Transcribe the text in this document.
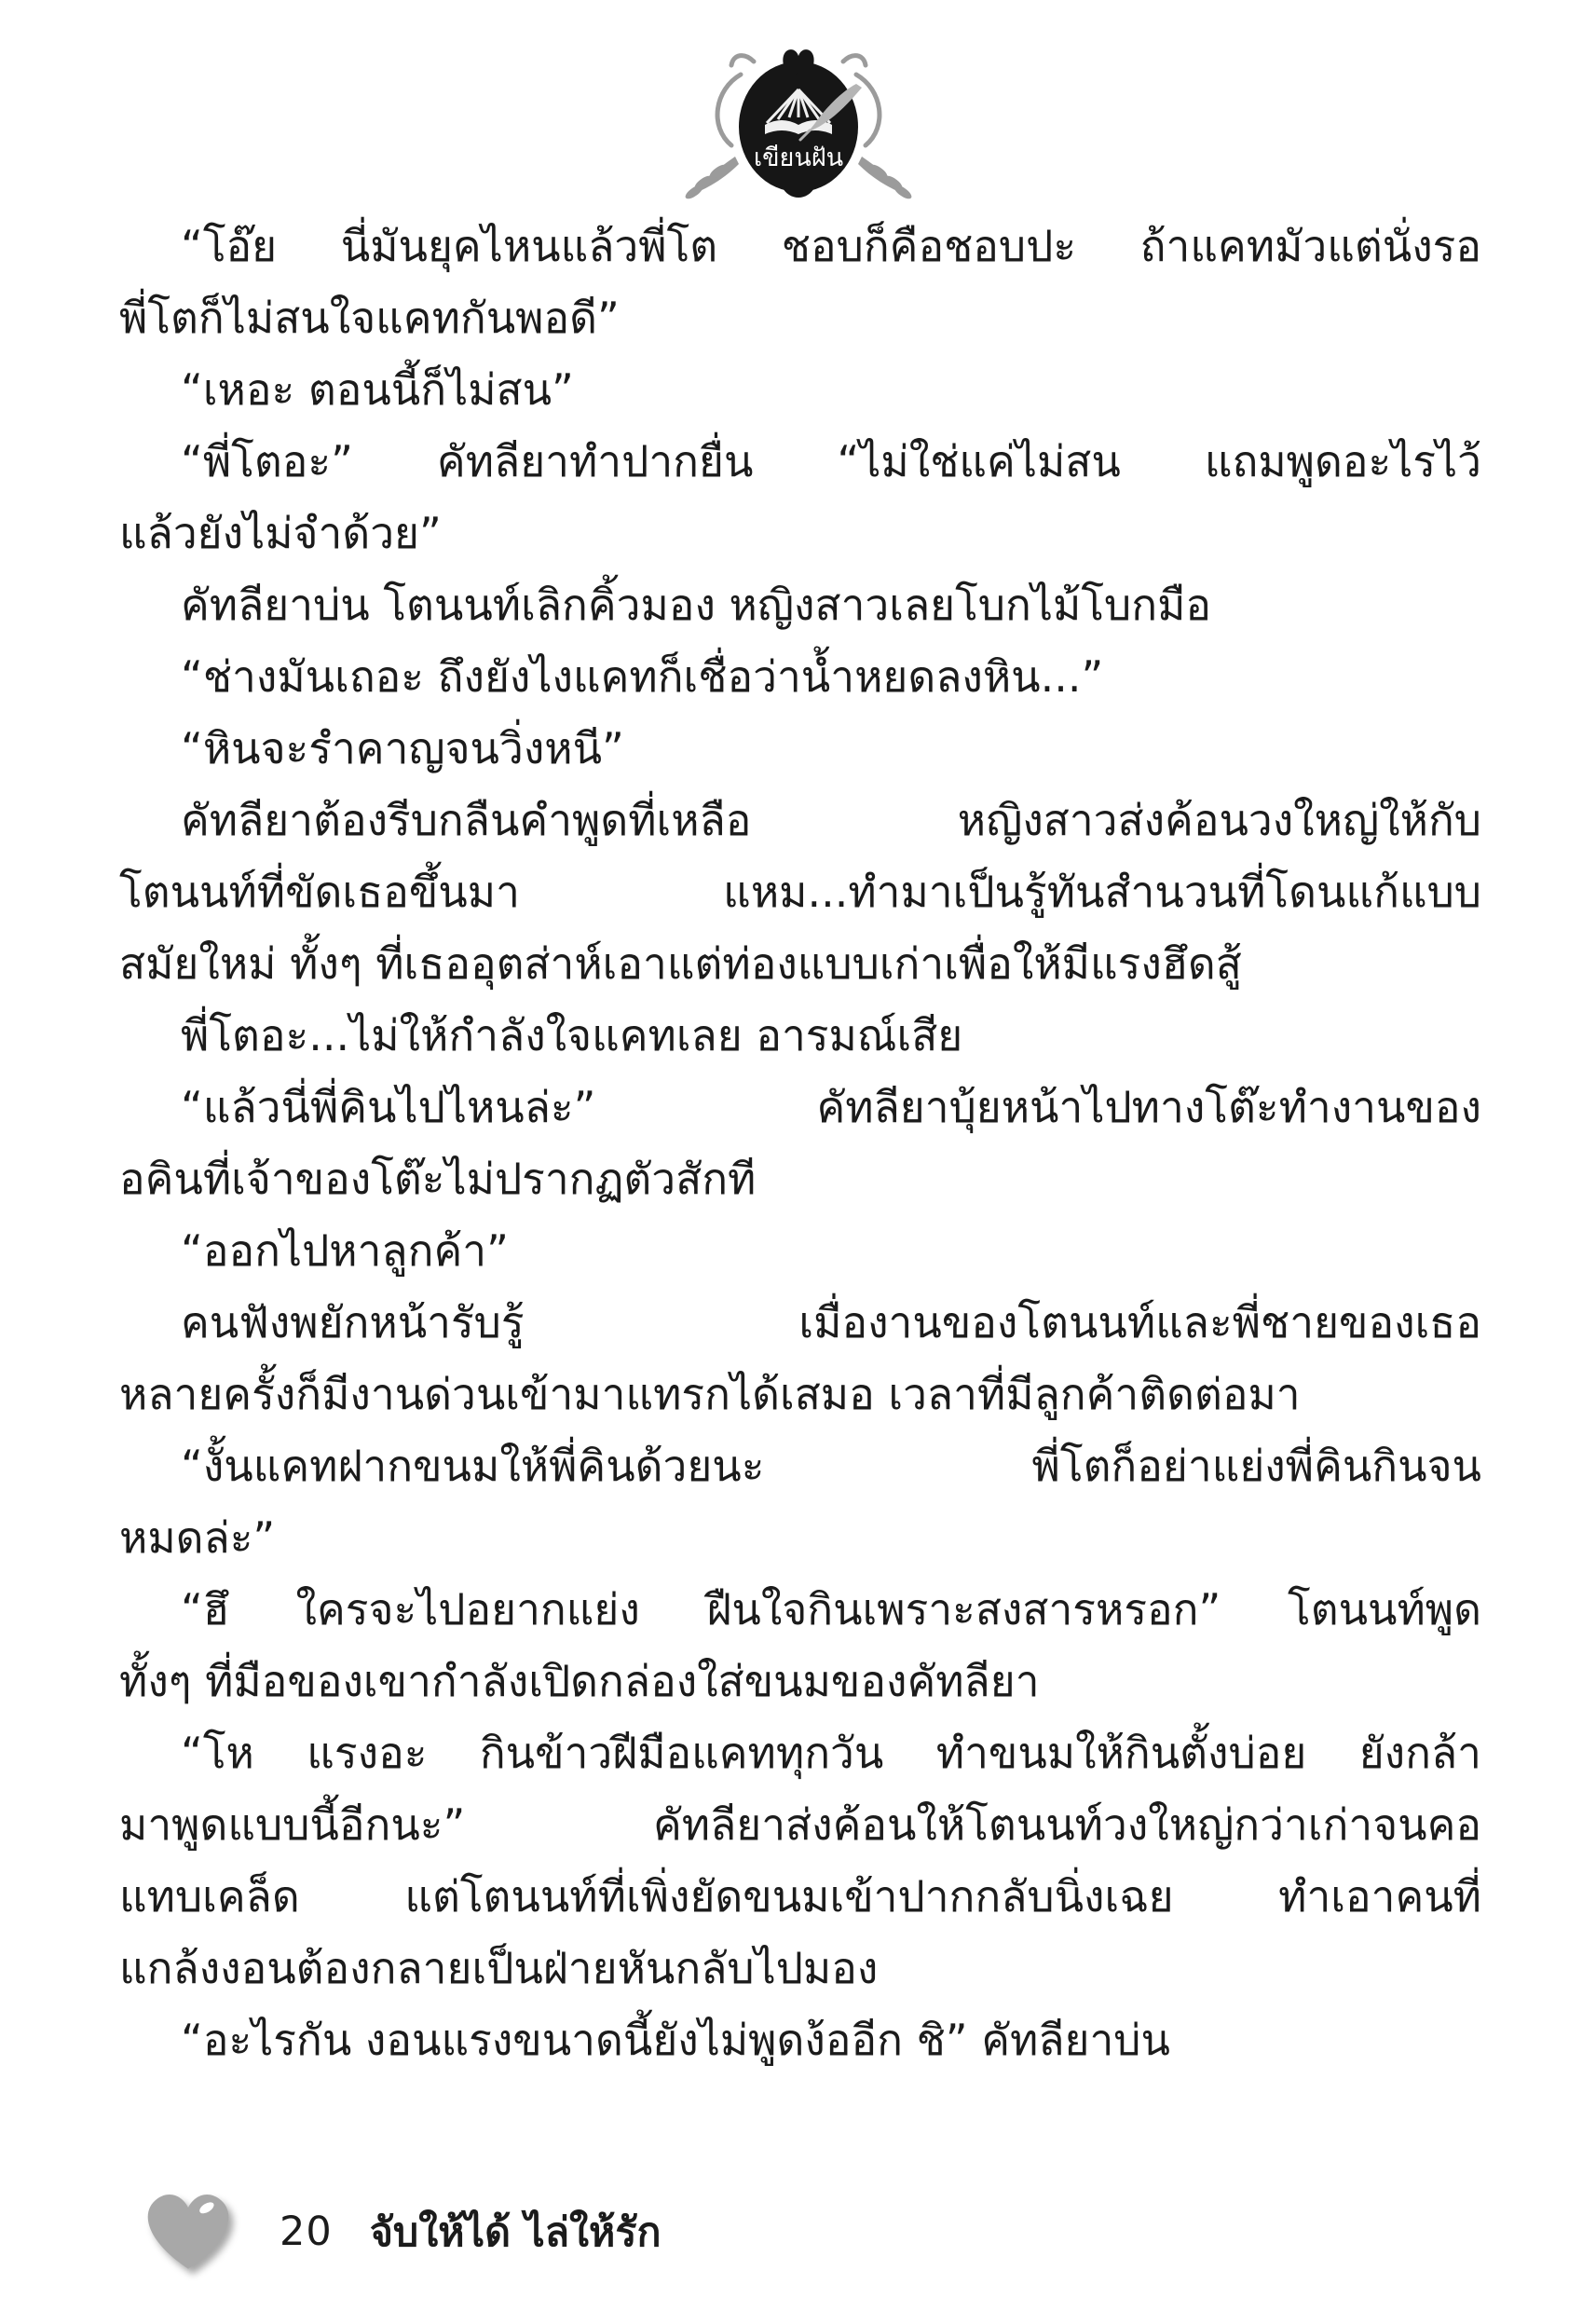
เขียนฝัน
“โอ๊ย นี่มันยุคไหนแล้วพี่โต ชอบก็คือชอบปะ ถ้าแคทมัวแต่นั่งรอ
พี่โตก็ไม่สนใจแคทกันพอดี”
“เหอะ ตอนนี้ก็ไม่สน”
“พี่โตอะ” คัทลียาทำปากยื่น “ไม่ใช่แค่ไม่สน แถมพูดอะไรไว้
แล้วยังไม่จำด้วย”
คัทลียาบ่น โตนนท์เลิกคิ้วมอง หญิงสาวเลยโบกไม้โบกมือ
“ช่างมันเถอะ ถึงยังไงแคทก็เชื่อว่าน้ำหยดลงหิน...”
“หินจะรำคาญจนวิ่งหนี”
คัทลียาต้องรีบกลืนคำพูดที่เหลือ หญิงสาวส่งค้อนวงใหญ่ให้กับ
โตนนท์ที่ขัดเธอขึ้นมา แหม...ทำมาเป็นรู้ทันสำนวนที่โดนแก้แบบ
สมัยใหม่ ทั้งๆ ที่เธออุตส่าห์เอาแต่ท่องแบบเก่าเพื่อให้มีแรงฮึดสู้
พี่โตอะ...ไม่ให้กำลังใจแคทเลย อารมณ์เสีย
“แล้วนี่พี่คินไปไหนล่ะ” คัทลียาบุ้ยหน้าไปทางโต๊ะทำงานของ
อคินที่เจ้าของโต๊ะไม่ปรากฏตัวสักที
“ออกไปหาลูกค้า”
คนฟังพยักหน้ารับรู้ เมื่องานของโตนนท์และพี่ชายของเธอ
หลายครั้งก็มีงานด่วนเข้ามาแทรกได้เสมอ เวลาที่มีลูกค้าติดต่อมา
“งั้นแคทฝากขนมให้พี่คินด้วยนะ พี่โตก็อย่าแย่งพี่คินกินจน
หมดล่ะ”
“ฮึ ใครจะไปอยากแย่ง ฝืนใจกินเพราะสงสารหรอก” โตนนท์พูด
ทั้งๆ ที่มือของเขากำลังเปิดกล่องใส่ขนมของคัทลียา
“โห แรงอะ กินข้าวฝีมือแคททุกวัน ทำขนมให้กินตั้งบ่อย ยังกล้า
มาพูดแบบนี้อีกนะ” คัทลียาส่งค้อนให้โตนนท์วงใหญ่กว่าเก่าจนคอ
แทบเคล็ด แต่โตนนท์ที่เพิ่งยัดขนมเข้าปากกลับนิ่งเฉย ทำเอาคนที่
แกล้งงอนต้องกลายเป็นฝ่ายหันกลับไปมอง
“อะไรกัน งอนแรงขนาดนี้ยังไม่พูดง้ออีก ชิ” คัทลียาบ่น
20 จับให้ได้ ไล่ให้รัก
